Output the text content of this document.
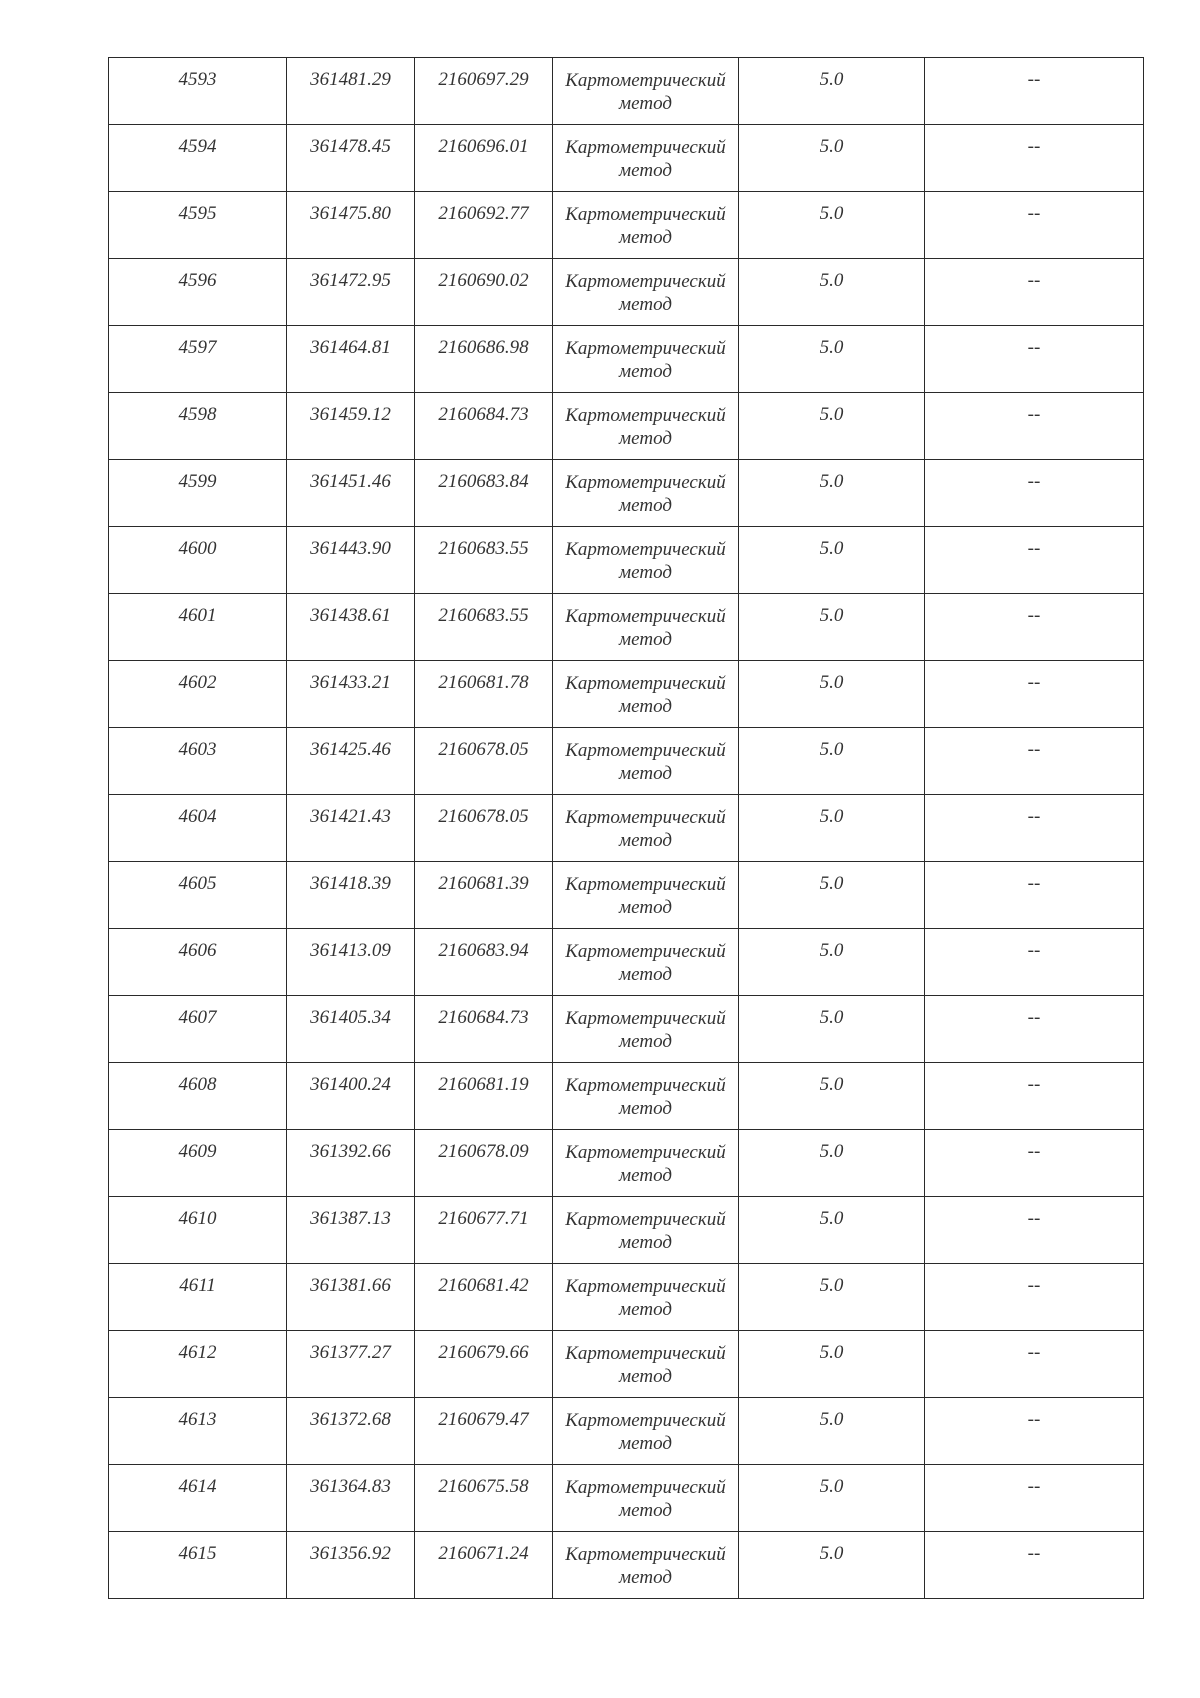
4593	361481.29	2160697.29	Картометрический
метод	5.0	--

4594	361478.45	2160696.01	Картометрический
метод	5.0	--

4595	361475.80	2160692.77	Картометрический
метод	5.0	--

4596	361472.95	2160690.02	Картометрический
метод	5.0	--

4597	361464.81	2160686.98	Картометрический
метод	5.0	--

4598	361459.12	2160684.73	Картометрический
метод	5.0	--

4599	361451.46	2160683.84	Картометрический
метод	5.0	--

4600	361443.90	2160683.55	Картометрический
метод	5.0	--

4601	361438.61	2160683.55	Картометрический
метод	5.0	--

4602	361433.21	2160681.78	Картометрический
метод	5.0	--

4603	361425.46	2160678.05	Картометрический
метод	5.0	--

4604	361421.43	2160678.05	Картометрический
метод	5.0	--

4605	361418.39	2160681.39	Картометрический
метод	5.0	--

4606	361413.09	2160683.94	Картометрический
метод	5.0	--

4607	361405.34	2160684.73	Картометрический
метод	5.0	--

4608	361400.24	2160681.19	Картометрический
метод	5.0	--

4609	361392.66	2160678.09	Картометрический
метод	5.0	--

4610	361387.13	2160677.71	Картометрический
метод	5.0	--

4611	361381.66	2160681.42	Картометрический
метод	5.0	--

4612	361377.27	2160679.66	Картометрический
метод	5.0	--

4613	361372.68	2160679.47	Картометрический
метод	5.0	--

4614	361364.83	2160675.58	Картометрический
метод	5.0	--

4615	361356.92	2160671.24	Картометрический
метод	5.0	--
